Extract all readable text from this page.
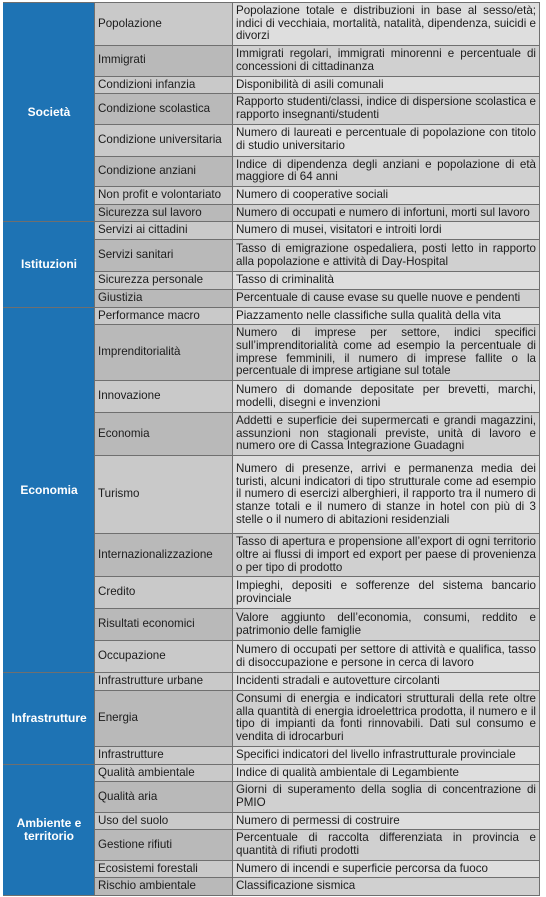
Società	Popolazione	Popolazione totale e distribuzioni in base al sesso/età; indici di vecchiaia, mortalità, natalità, dipendenza, suicidi e divorzi
	Immigrati	Immigrati regolari, immigrati minorenni e percentuale di concessioni di cittadinanza
	Condizioni infanzia	Disponibilità di asili comunali
	Condizione scolastica	Rapporto studenti/classi, indice di dispersione scolastica e rapporto insegnanti/studenti
	Condizione universitaria	Numero di laureati e percentuale di popolazione con titolo di studio universitario
	Condizione anziani	Indice di dipendenza degli anziani e popolazione di età maggiore di 64 anni
	Non profit e volontariato	Numero di cooperative sociali
	Sicurezza sul lavoro	Numero di occupati e numero di infortuni, morti sul lavoro
Istituzioni	Servizi ai cittadini	Numero di musei, visitatori e introiti lordi
	Servizi sanitari	Tasso di emigrazione ospedaliera, posti letto in rapporto alla popolazione e attività di Day-Hospital
	Sicurezza personale	Tasso di criminalità
	Giustizia	Percentuale di cause evase su quelle nuove e pendenti
Economia	Performance macro	Piazzamento nelle classifiche sulla qualità della vita
	Imprenditorialità	Numero di imprese per settore, indici specifici sull’imprenditorialità come ad esempio la percentuale di imprese femminili, il numero di imprese fallite o la percentuale di imprese artigiane sul totale
	Innovazione	Numero di domande depositate per brevetti, marchi, modelli, disegni e invenzioni
	Economia	Addetti e superficie dei supermercati e grandi magazzini, assunzioni non stagionali previste, unità di lavoro e numero ore di Cassa Integrazione Guadagni
	Turismo	Numero di presenze, arrivi e permanenza media dei turisti, alcuni indicatori di tipo strutturale come ad esempio il numero di esercizi alberghieri, il rapporto tra il numero di stanze totali e il numero di stanze in hotel con più di 3 stelle o il numero di abitazioni residenziali
	Internazionalizzazione	Tasso di apertura e propensione all’export di ogni territorio oltre ai flussi di import ed export per paese di provenienza o per tipo di prodotto
	Credito	Impieghi, depositi e sofferenze del sistema bancario provinciale
	Risultati economici	Valore aggiunto dell’economia, consumi, reddito e patrimonio delle famiglie
	Occupazione	Numero di occupati per settore di attività e qualifica, tasso di disoccupazione e persone in cerca di lavoro
Infrastrutture	Infrastrutture urbane	Incidenti stradali e autovetture circolanti
	Energia	Consumi di energia e indicatori strutturali della rete oltre alla quantità di energia idroelettrica prodotta, il numero e il tipo di impianti da fonti rinnovabili. Dati sul consumo e vendita di idrocarburi
	Infrastrutture	Specifici indicatori del livello infrastrutturale provinciale
Ambiente e territorio	Qualità ambientale	Indice di qualità ambientale di Legambiente
	Qualità aria	Giorni di superamento della soglia di concentrazione di PMIO
	Uso del suolo	Numero di permessi di costruire
	Gestione rifiuti	Percentuale di raccolta differenziata in provincia e quantità di rifiuti prodotti
	Ecosistemi forestali	Numero di incendi e superficie percorsa da fuoco
	Rischio ambientale	Classificazione sismica
